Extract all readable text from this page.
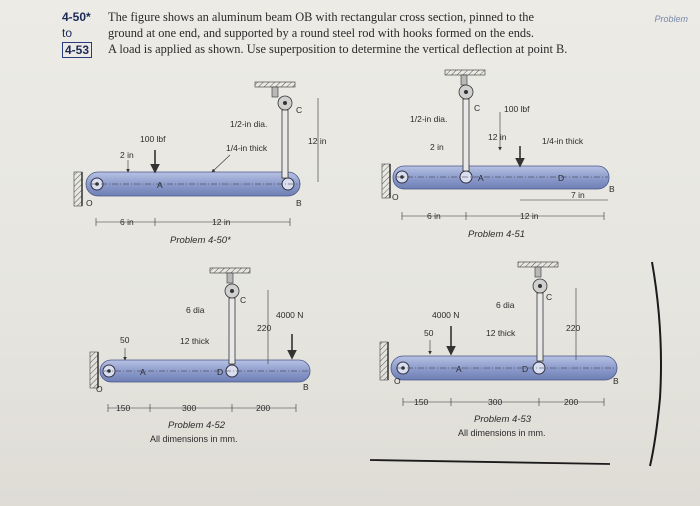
4-50*
to
4-53
The figure shows an aluminum beam OB with rectangular cross section, pinned to the
ground at one end, and supported by a round steel rod with hooks formed on the ends.
A load is applied as shown. Use superposition to determine the vertical deflection at point B.
Problem
100 lbf
2 in
1/2-in dia.
1/4-in thick
12 in
C
B
O
A
6 in	12 in
Problem 4-50*
100 lbf
1/2-in dia.
2 in
12 in	1/4-in thick
C
A	D
B
O	7 in
6 in	12 in
Problem 4-51
4000 N
6 dia
12 thick
220
50
C
A	D
B
O
150	300	200
Problem 4-52
All dimensions in mm.
4000 N
50
6 dia
12 thick	220
C
A	D
B
O
150	300	200
Problem 4-53
All dimensions in mm.
